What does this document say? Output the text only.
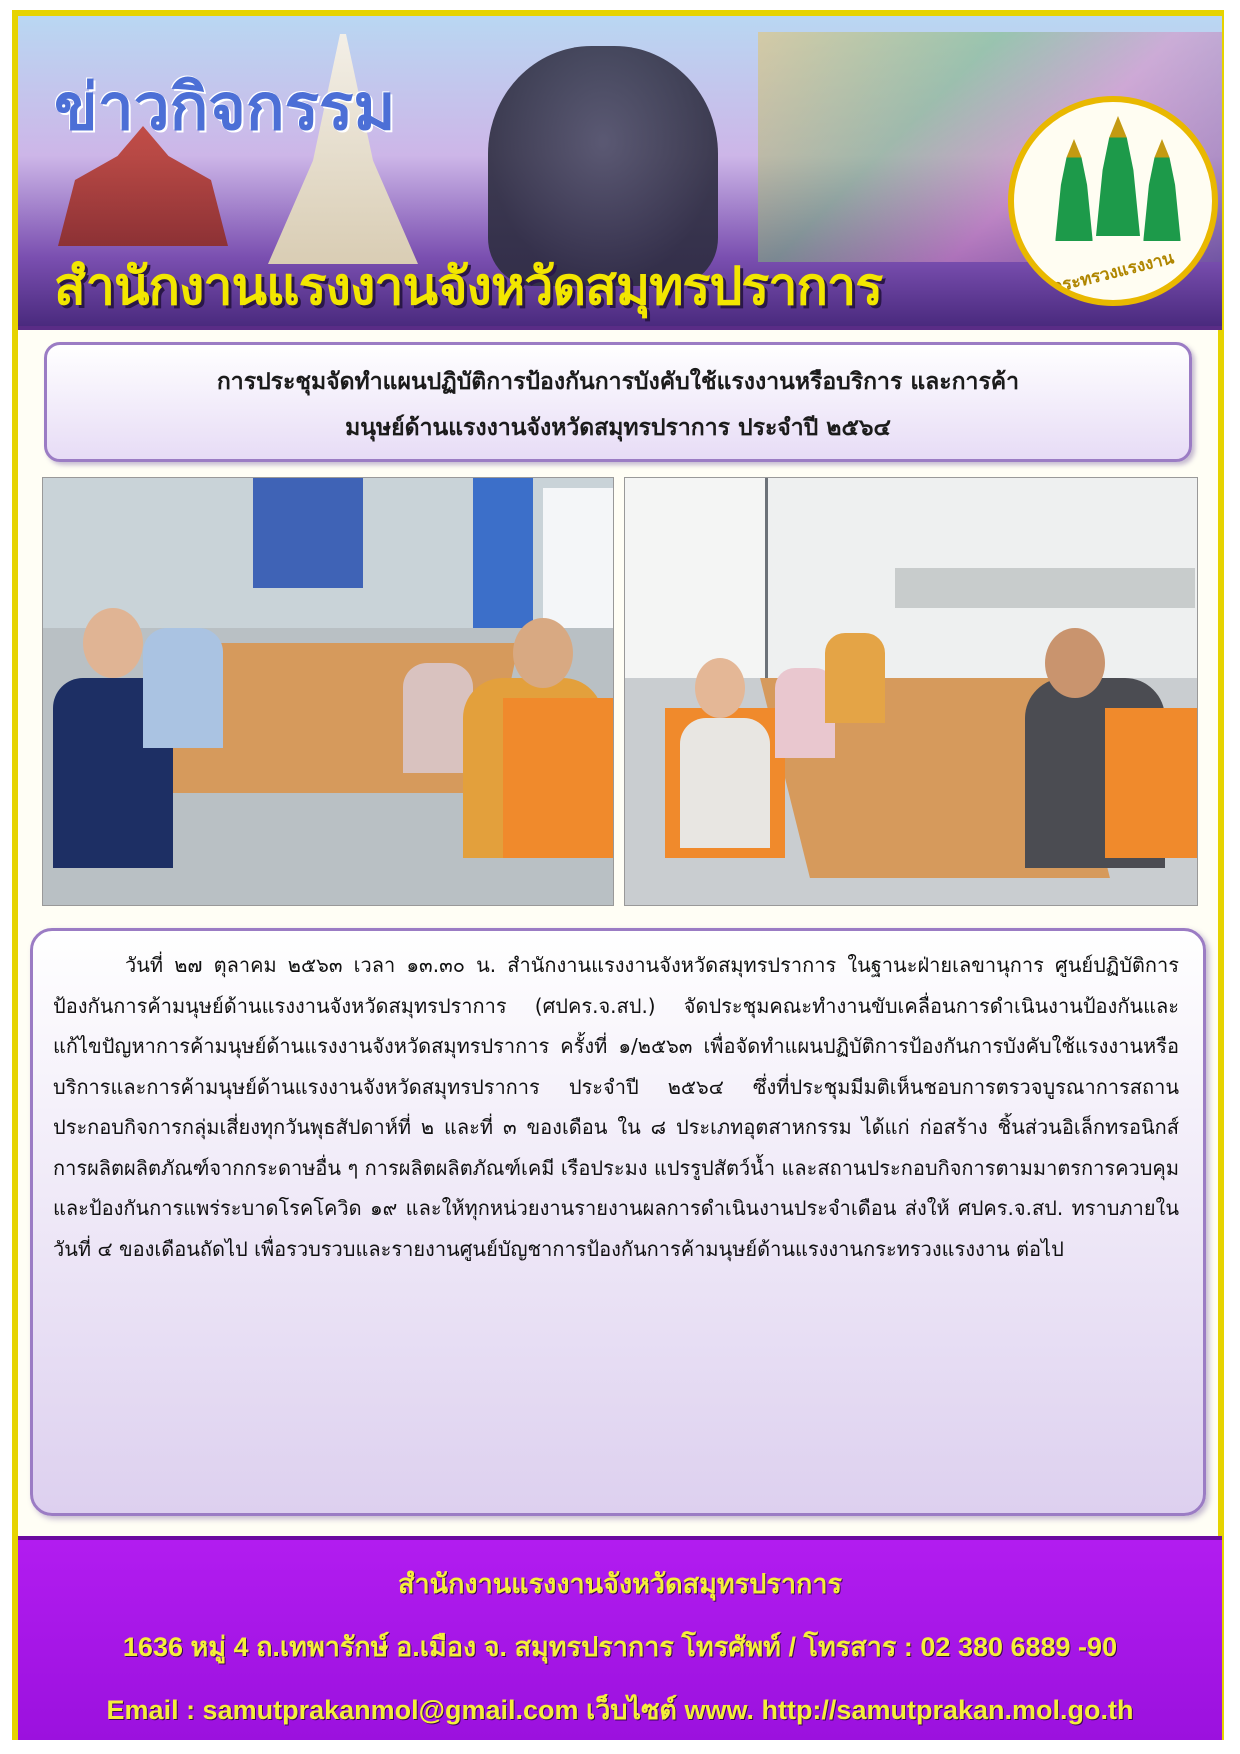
ข่าวกิจกรรม
สำนักงานแรงงานจังหวัดสมุทรปราการ	กระทรวงแรงงาน
การประชุมจัดทำแผนปฏิบัติการป้องกันการบังคับใช้แรงงานหรือบริการ และการค้า
มนุษย์ด้านแรงงานจังหวัดสมุทรปราการ ประจำปี ๒๕๖๔

วันที่ ๒๗ ตุลาคม ๒๕๖๓ เวลา ๑๓.๓๐ น. สำนักงานแรงงานจังหวัดสมุทรปราการ ในฐานะฝ่ายเลขานุการ ศูนย์ปฏิบัติการป้องกันการค้ามนุษย์ด้านแรงงานจังหวัดสมุทรปราการ (ศปคร.จ.สป.) จัดประชุมคณะทำงานขับเคลื่อนการดำเนินงานป้องกันและแก้ไขปัญหาการค้ามนุษย์ด้านแรงงานจังหวัดสมุทรปราการ ครั้งที่ ๑/๒๕๖๓ เพื่อจัดทำแผนปฏิบัติการป้องกันการบังคับใช้แรงงานหรือบริการและการค้ามนุษย์ด้านแรงงานจังหวัดสมุทรปราการ ประจำปี ๒๕๖๔ ซึ่งที่ประชุมมีมติเห็นชอบการตรวจบูรณาการสถานประกอบกิจการกลุ่มเสี่ยงทุกวันพุธสัปดาห์ที่ ๒ และที่ ๓ ของเดือน ใน ๘ ประเภทอุตสาหกรรม ได้แก่ ก่อสร้าง ชิ้นส่วนอิเล็กทรอนิกส์ การผลิตผลิตภัณฑ์จากกระดาษอื่น ๆ การผลิตผลิตภัณฑ์เคมี เรือประมง แปรรูปสัตว์น้ำ และสถานประกอบกิจการตามมาตรการควบคุมและป้องกันการแพร่ระบาดโรคโควิด ๑๙ และให้ทุกหน่วยงานรายงานผลการดำเนินงานประจำเดือน ส่งให้ ศปคร.จ.สป. ทราบภายในวันที่ ๔ ของเดือนถัดไป เพื่อรวบรวบและรายงานศูนย์บัญชาการป้องกันการค้ามนุษย์ด้านแรงงานกระทรวงแรงงาน ต่อไป

สำนักงานแรงงานจังหวัดสมุทรปราการ
1636 หมู่ 4 ถ.เทพารักษ์ อ.เมือง จ. สมุทรปราการ โทรศัพท์ / โทรสาร : 02 380 6889 -90
Email : samutprakanmol@gmail.com เว็บไซต์ www. http://samutprakan.mol.go.th
